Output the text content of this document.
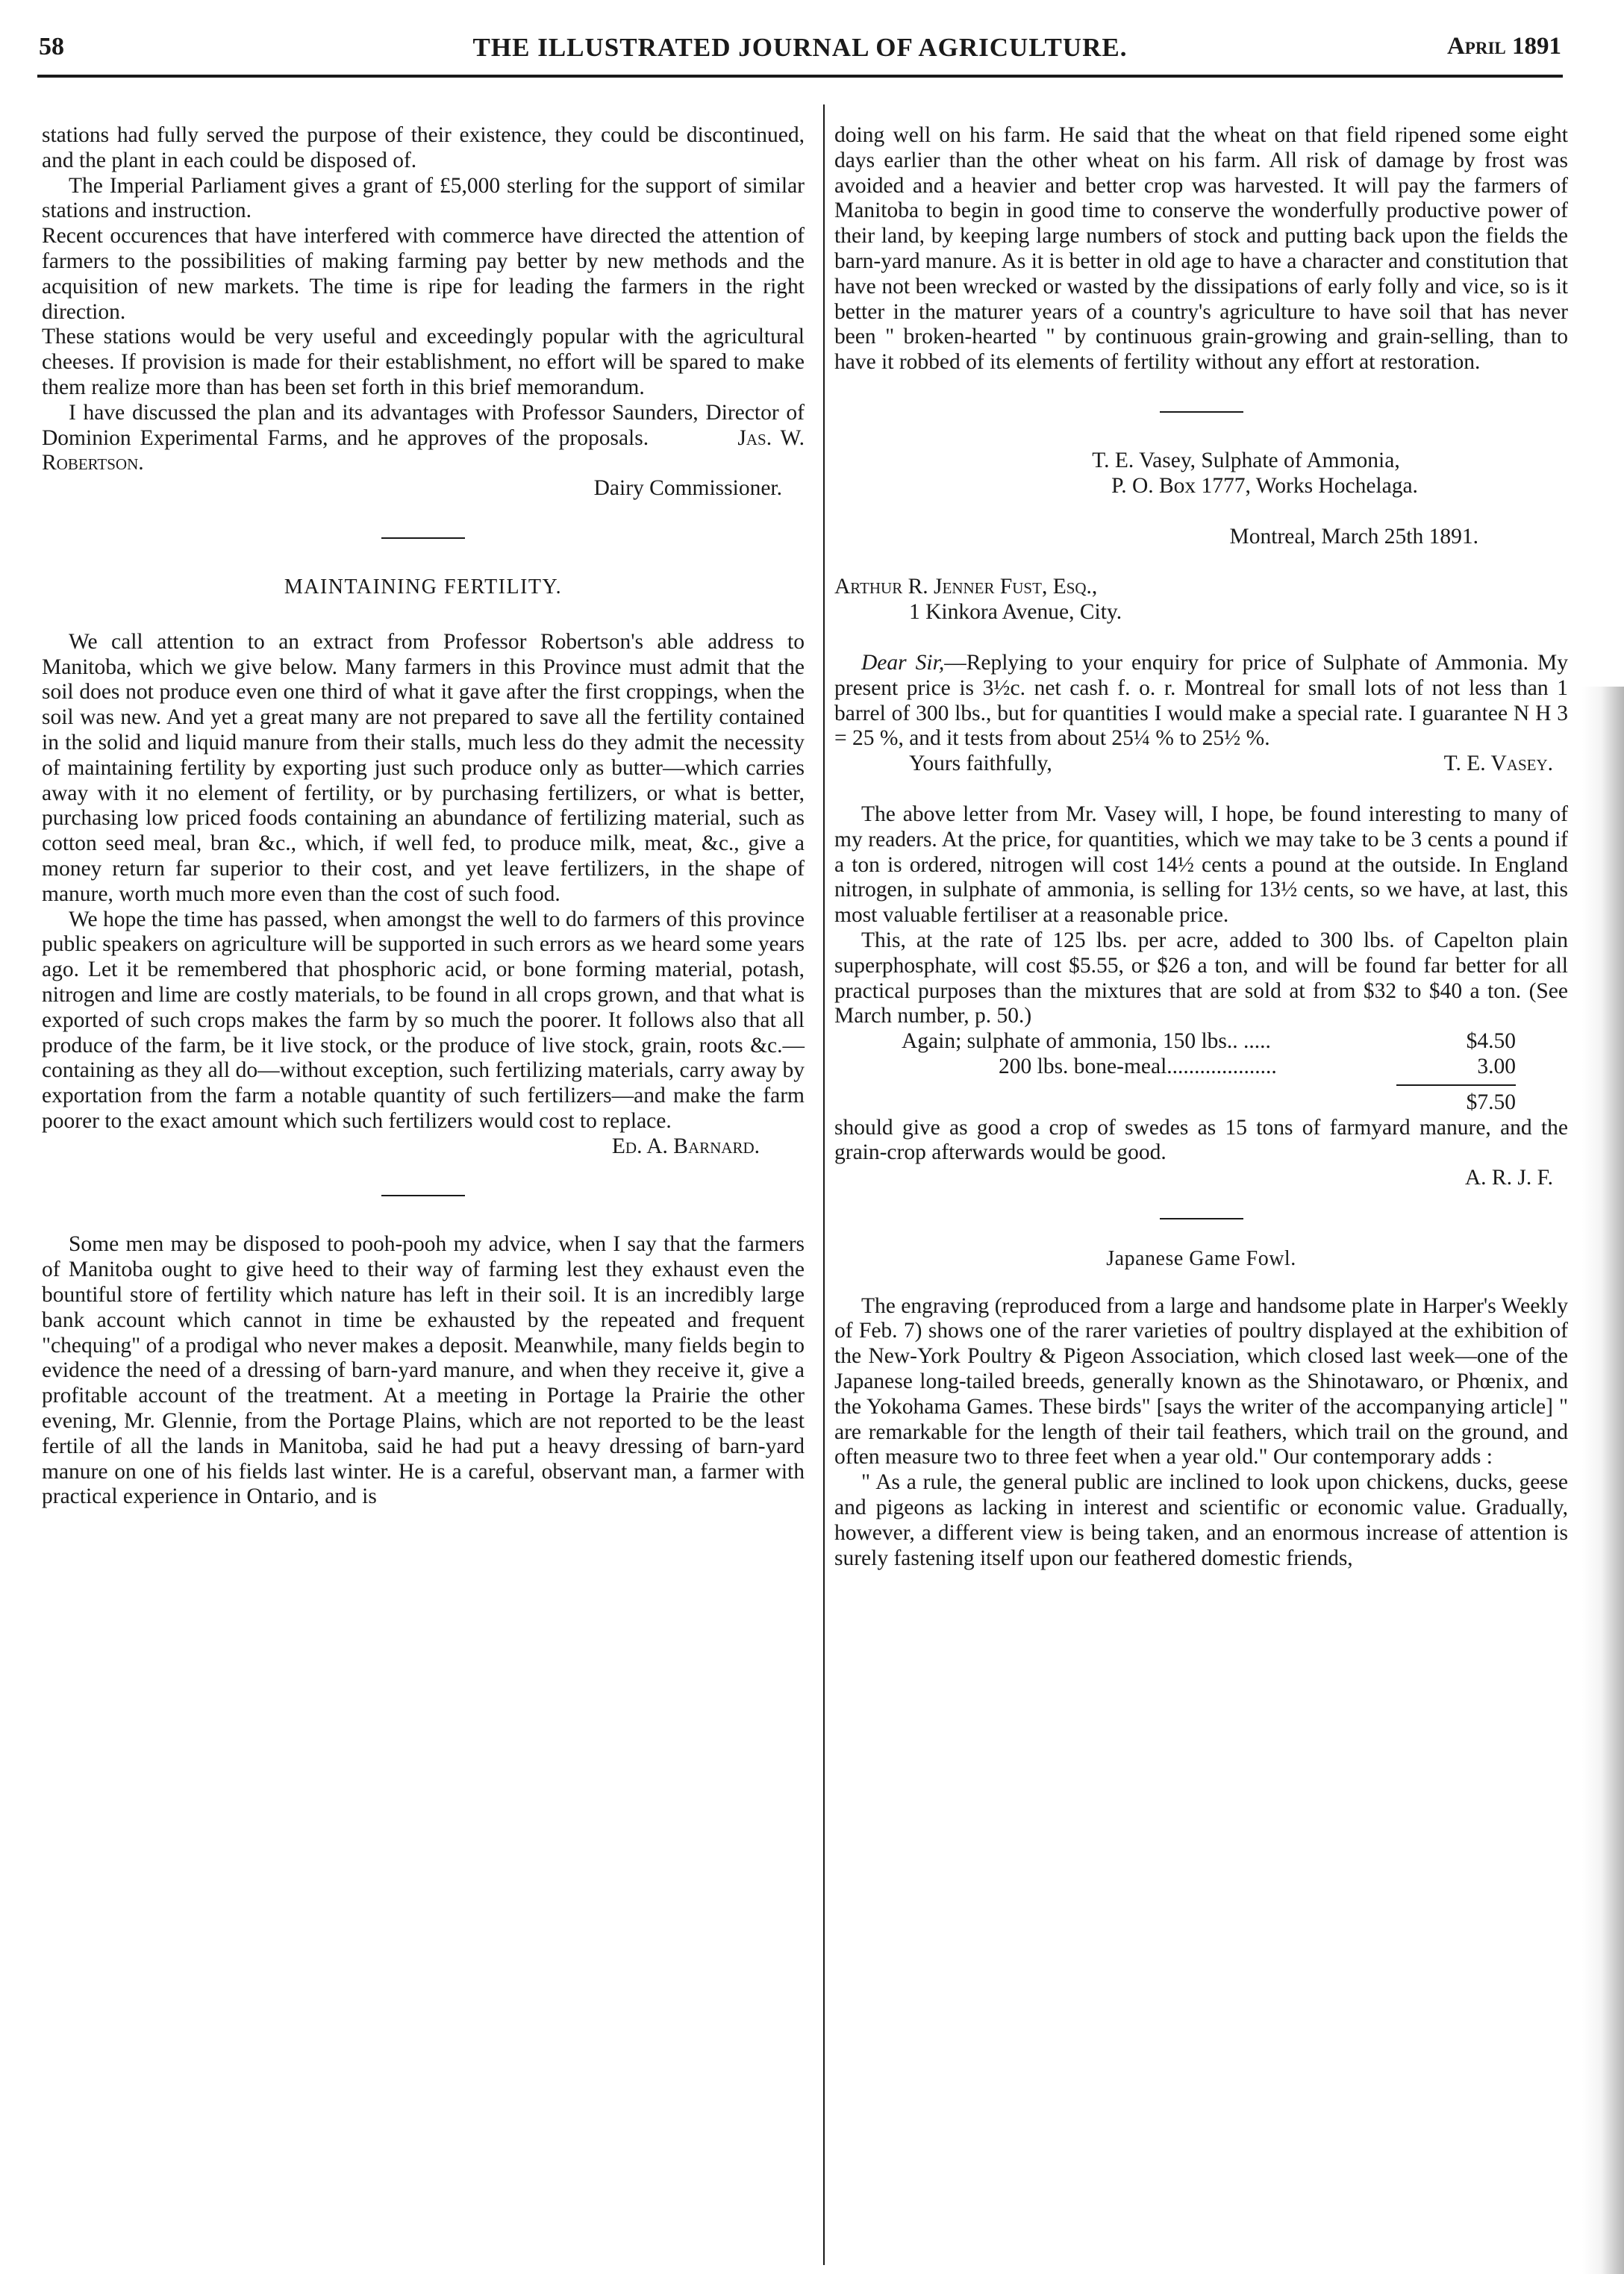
58	THE ILLUSTRATED JOURNAL OF AGRICULTURE.	April 1891

stations had fully served the purpose of their existence, they could be discontinued, and the plant in each could be disposed of.

The Imperial Parliament gives a grant of £5,000 sterling for the support of similar stations and instruction.

Recent occurences that have interfered with commerce have directed the attention of farmers to the possibilities of making farming pay better by new methods and the acquisition of new markets. The time is ripe for leading the farmers in the right direction.

These stations would be very useful and exceedingly popular with the agricultural cheeses. If provision is made for their establishment, no effort will be spared to make them realize more than has been set forth in this brief memorandum.

I have discussed the plan and its advantages with Professor Saunders, Director of Dominion Experimental Farms, and he approves of the proposals.	Jas. W. Robertson.

Dairy Commissioner.
MAINTAINING FERTILITY.

We call attention to an extract from Professor Robertson's able address to Manitoba, which we give below. Many farmers in this Province must admit that the soil does not produce even one third of what it gave after the first croppings, when the soil was new. And yet a great many are not prepared to save all the fertility contained in the solid and liquid manure from their stalls, much less do they admit the necessity of maintaining fertility by exporting just such produce only as butter—which carries away with it no element of fertility, or by purchasing fertilizers, or what is better, purchasing low priced foods containing an abundance of fertilizing material, such as cotton seed meal, bran &c., which, if well fed, to produce milk, meat, &c., give a money return far superior to their cost, and yet leave fertilizers, in the shape of manure, worth much more even than the cost of such food.

We hope the time has passed, when amongst the well to do farmers of this province public speakers on agriculture will be supported in such errors as we heard some years ago. Let it be remembered that phosphoric acid, or bone forming material, potash, nitrogen and lime are costly materials, to be found in all crops grown, and that what is exported of such crops makes the farm by so much the poorer. It follows also that all produce of the farm, be it live stock, or the produce of live stock, grain, roots &c.—containing as they all do—without exception, such fertilizing materials, carry away by exportation from the farm a notable quantity of such fertilizers—and make the farm poorer to the exact amount which such fertilizers would cost to replace.

Ed. A. Barnard.

Some men may be disposed to pooh-pooh my advice, when I say that the farmers of Manitoba ought to give heed to their way of farming lest they exhaust even the bountiful store of fertility which nature has left in their soil. It is an incredibly large bank account which cannot in time be exhausted by the repeated and frequent "chequing" of a prodigal who never makes a deposit. Meanwhile, many fields begin to evidence the need of a dressing of barn-yard manure, and when they receive it, give a profitable account of the treatment. At a meeting in Portage la Prairie the other evening, Mr. Glennie, from the Portage Plains, which are not reported to be the least fertile of all the lands in Manitoba, said he had put a heavy dressing of barn-yard manure on one of his fields last winter. He is a careful, observant man, a farmer with practical experience in Ontario, and is

doing well on his farm. He said that the wheat on that field ripened some eight days earlier than the other wheat on his farm. All risk of damage by frost was avoided and a heavier and better crop was harvested. It will pay the farmers of Manitoba to begin in good time to conserve the wonderfully productive power of their land, by keeping large numbers of stock and putting back upon the fields the barn-yard manure. As it is better in old age to have a character and constitution that have not been wrecked or wasted by the dissipations of early folly and vice, so is it better in the maturer years of a country's agriculture to have soil that has never been " broken-hearted " by continuous grain-growing and grain-selling, than to have it robbed of its elements of fertility without any effort at restoration.

T. E. Vasey, Sulphate of Ammonia,
P. O. Box 1777, Works Hochelaga.
Montreal, March 25th 1891.
Arthur R. Jenner Fust, Esq.,
1 Kinkora Avenue, City.

Dear Sir,—Replying to your enquiry for price of Sulphate of Ammonia. My present price is 3½c. net cash f. o. r. Montreal for small lots of not less than 1 barrel of 300 lbs., but for quantities I would make a special rate. I guarantee N H 3 = 25 %, and it tests from about 25¼ % to 25½ %.

Yours faithfully,	T. E. Vasey.

The above letter from Mr. Vasey will, I hope, be found interesting to many of my readers. At the price, for quantities, which we may take to be 3 cents a pound if a ton is ordered, nitrogen will cost 14½ cents a pound at the outside. In England nitrogen, in sulphate of ammonia, is selling for 13½ cents, so we have, at last, this most valuable fertiliser at a reasonable price.

This, at the rate of 125 lbs. per acre, added to 300 lbs. of Capelton plain superphosphate, will cost $5.55, or $26 a ton, and will be found far better for all practical purposes than the mixtures that are sold at from $32 to $40 a ton. (See March number, p. 50.)

Again; sulphate of ammonia, 150 lbs.. .....	$4.50
200 lbs. bone-meal....................	3.00
$7.50

should give as good a crop of swedes as 15 tons of farmyard manure, and the grain-crop afterwards would be good.

A. R. J. F.
Japanese Game Fowl.

The engraving (reproduced from a large and handsome plate in Harper's Weekly of Feb. 7) shows one of the rarer varieties of poultry displayed at the exhibition of the New-York Poultry & Pigeon Association, which closed last week—one of the Japanese long-tailed breeds, generally known as the Shinotawaro, or Phœnix, and the Yokohama Games. These birds" [says the writer of the accompanying article] " are remarkable for the length of their tail feathers, which trail on the ground, and often measure two to three feet when a year old." Our contemporary adds :

" As a rule, the general public are inclined to look upon chickens, ducks, geese and pigeons as lacking in interest and scientific or economic value. Gradually, however, a different view is being taken, and an enormous increase of attention is surely fastening itself upon our feathered domestic friends,
